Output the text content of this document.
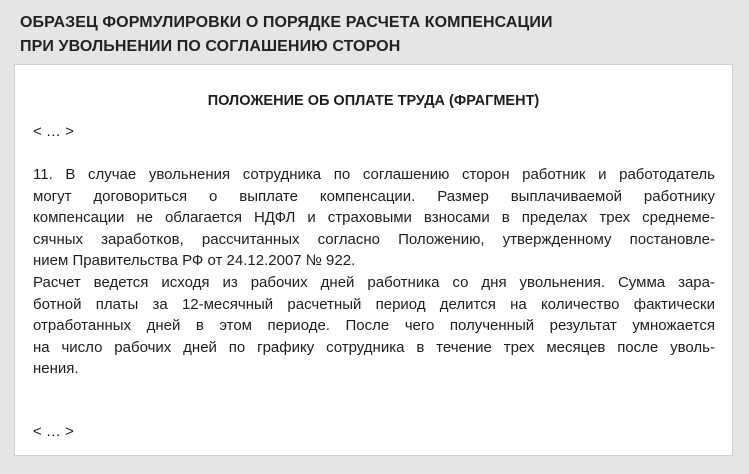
ОБРАЗЕЦ ФОРМУЛИРОВКИ О ПОРЯДКЕ РАСЧЕТА КОМПЕНСАЦИИ
ПРИ УВОЛЬНЕНИИ ПО СОГЛАШЕНИЮ СТОРОН
ПОЛОЖЕНИЕ ОБ ОПЛАТЕ ТРУДА (ФРАГМЕНТ)
< … >
11. В случае увольнения сотрудника по соглашению сторон работник и работодатель
могут договориться о выплате компенсации. Размер выплачиваемой работнику
компенсации не облагается НДФЛ и страховыми взносами в пределах трех среднеме-
сячных заработков, рассчитанных согласно Положению, утвержденному постановле-
нием Правительства РФ от 24.12.2007 № 922.
Расчет ведется исходя из рабочих дней работника со дня увольнения. Сумма зара-
ботной платы за 12-месячный расчетный период делится на количество фактически
отработанных дней в этом периоде. После чего полученный результат умножается
на число рабочих дней по графику сотрудника в течение трех месяцев после уволь-
нения.
< … >
